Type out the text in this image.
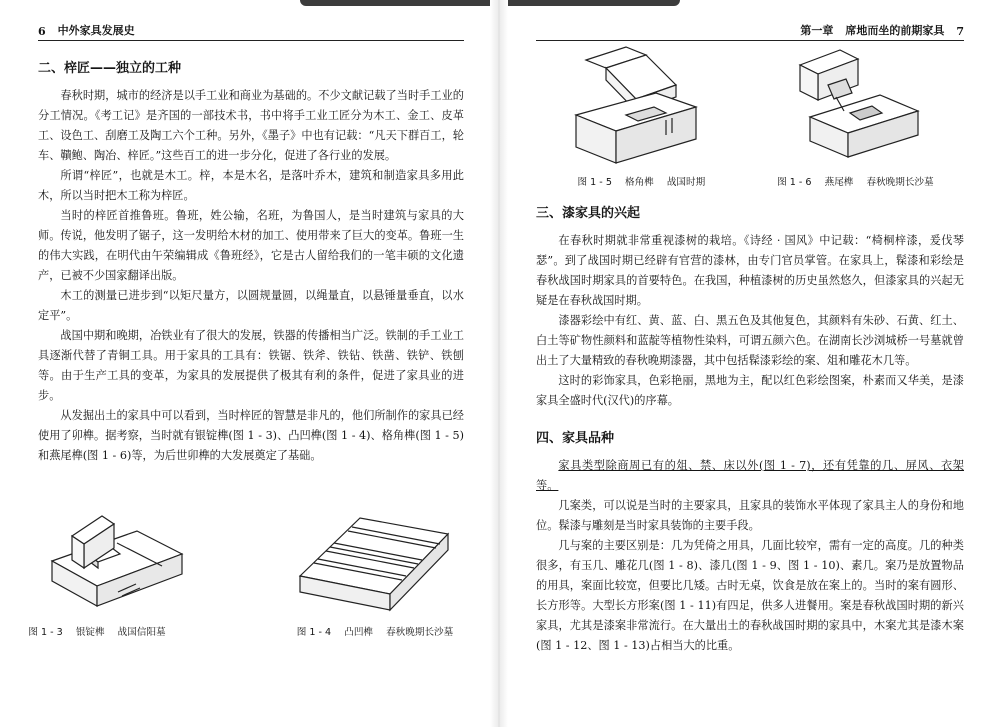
6 中外家具发展史
二、梓匠——独立的工种

春秋时期，城市的经济是以手工业和商业为基础的。不少文献记载了当时手工业的分工情况。《考工记》是齐国的一部技术书，书中将手工业工匠分为木工、金工、皮革工、设色工、刮磨工及陶工六个工种。另外，《墨子》中也有记载：“凡天下群百工，轮车、鞼鲍、陶冶、梓匠。”这些百工的进一步分化，促进了各行业的发展。

所谓“梓匠”，也就是木工。梓，本是木名，是落叶乔木，建筑和制造家具多用此木，所以当时把木工称为梓匠。

当时的梓匠首推鲁班。鲁班，姓公输，名班，为鲁国人，是当时建筑与家具的大师。传说，他发明了锯子，这一发明给木材的加工、使用带来了巨大的变革。鲁班一生的伟大实践，在明代由午荣编辑成《鲁班经》，它是古人留给我们的一笔丰硕的文化遗产，已被不少国家翻译出版。

木工的测量已进步到“以矩尺量方，以圆规量圆，以绳量直，以悬锤量垂直，以水定平”。

战国中期和晚期，冶铁业有了很大的发展，铁器的传播相当广泛。铁制的手工业工具逐渐代替了青铜工具。用于家具的工具有：铁锯、铁斧、铁钻、铁凿、铁铲、铁刨等。由于生产工具的变革，为家具的发展提供了极其有利的条件，促进了家具业的进步。

从发掘出土的家具中可以看到，当时梓匠的智慧是非凡的，他们所制作的家具已经使用了卯榫。据考察，当时就有银锭榫(图 1 - 3)、凸凹榫(图 1 - 4)、格角榫(图 1 - 5)和燕尾榫(图 1 - 6)等，为后世卯榫的大发展奠定了基础。

图 1 - 3 银锭榫 战国信阳墓	图 1 - 4 凸凹榫 春秋晚期长沙墓
第一章 席地而坐的前期家具 7
图 1 - 5 格角榫 战国时期	图 1 - 6 燕尾榫 春秋晚期长沙墓
三、漆家具的兴起

在春秋时期就非常重视漆树的栽培。《诗经 · 国风》中记载：“椅桐梓漆，爰伐琴瑟”。到了战国时期已经辟有官营的漆林，由专门官员掌管。在家具上，髹漆和彩绘是春秋战国时期家具的首要特色。在我国，种植漆树的历史虽然悠久，但漆家具的兴起无疑是在春秋战国时期。

漆器彩绘中有红、黄、蓝、白、黑五色及其他复色，其颜料有朱砂、石黄、红土、白土等矿物性颜料和蓝靛等植物性染料，可谓五颜六色。在湖南长沙浏城桥一号墓就曾出土了大量精致的春秋晚期漆器，其中包括髹漆彩绘的案、俎和雕花木几等。

这时的彩饰家具，色彩艳丽，黑地为主，配以红色彩绘图案，朴素而又华美，是漆家具全盛时代(汉代)的序幕。

四、家具品种

家具类型除商周已有的俎、禁、床以外(图 1 - 7)，还有凭靠的几、屏风、衣架等。

几案类，可以说是当时的主要家具，且家具的装饰水平体现了家具主人的身份和地位。髹漆与雕刻是当时家具装饰的主要手段。

几与案的主要区别是：几为凭倚之用具，几面比较窄，需有一定的高度。几的种类很多，有玉几、雕花几(图 1 - 8)、漆几(图 1 - 9、图 1 - 10)、素几。案乃是放置物品的用具，案面比较宽，但要比几矮。古时无桌，饮食是放在案上的。当时的案有圆形、长方形等。大型长方形案(图 1 - 11)有四足，供多人进餐用。案是春秋战国时期的新兴家具，尤其是漆案非常流行。在大量出土的春秋战国时期的家具中，木案尤其是漆木案(图 1 - 12、图 1 - 13)占相当大的比重。
